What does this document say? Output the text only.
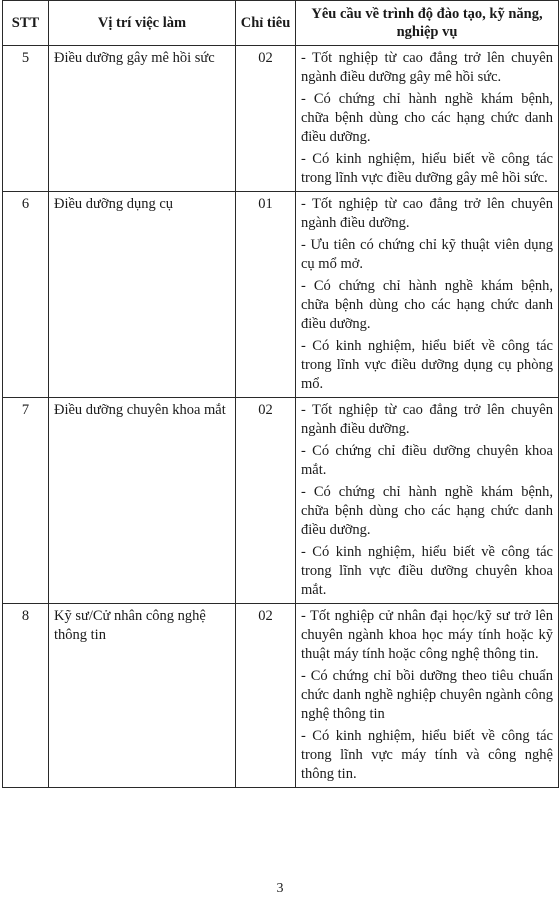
STT	Vị trí việc làm	Chỉ tiêu	Yêu cầu về trình độ đào tạo, kỹ năng, nghiệp vụ
5	Điều dưỡng gây mê hồi sức	02	- Tốt nghiệp từ cao đẳng trở lên chuyên ngành điều dưỡng gây mê hồi sức.
- Có chứng chỉ hành nghề khám bệnh, chữa bệnh dùng cho các hạng chức danh điều dưỡng.
- Có kinh nghiệm, hiểu biết về công tác trong lĩnh vực điều dưỡng gây mê hồi sức.

6	Điều dưỡng dụng cụ	01	- Tốt nghiệp từ cao đẳng trở lên chuyên ngành điều dưỡng.
- Ưu tiên có chứng chỉ kỹ thuật viên dụng cụ mổ mở.
- Có chứng chỉ hành nghề khám bệnh, chữa bệnh dùng cho các hạng chức danh điều dưỡng.
- Có kinh nghiệm, hiểu biết về công tác trong lĩnh vực điều dưỡng dụng cụ phòng mổ.

7	Điều dưỡng chuyên khoa mắt	02	- Tốt nghiệp từ cao đẳng trở lên chuyên ngành điều dưỡng.
- Có chứng chỉ điều dưỡng chuyên khoa mắt.
- Có chứng chỉ hành nghề khám bệnh, chữa bệnh dùng cho các hạng chức danh điều dưỡng.
- Có kinh nghiệm, hiểu biết về công tác trong lĩnh vực điều dưỡng chuyên khoa mắt.

8	Kỹ sư/Cử nhân công nghệ thông tin	02	- Tốt nghiệp cử nhân đại học/kỹ sư trở lên chuyên ngành khoa học máy tính hoặc kỹ thuật máy tính hoặc công nghệ thông tin.
- Có chứng chỉ bồi dưỡng theo tiêu chuẩn chức danh nghề nghiệp chuyên ngành công nghệ thông tin
- Có kinh nghiệm, hiểu biết về công tác trong lĩnh vực máy tính và công nghệ thông tin.
3
